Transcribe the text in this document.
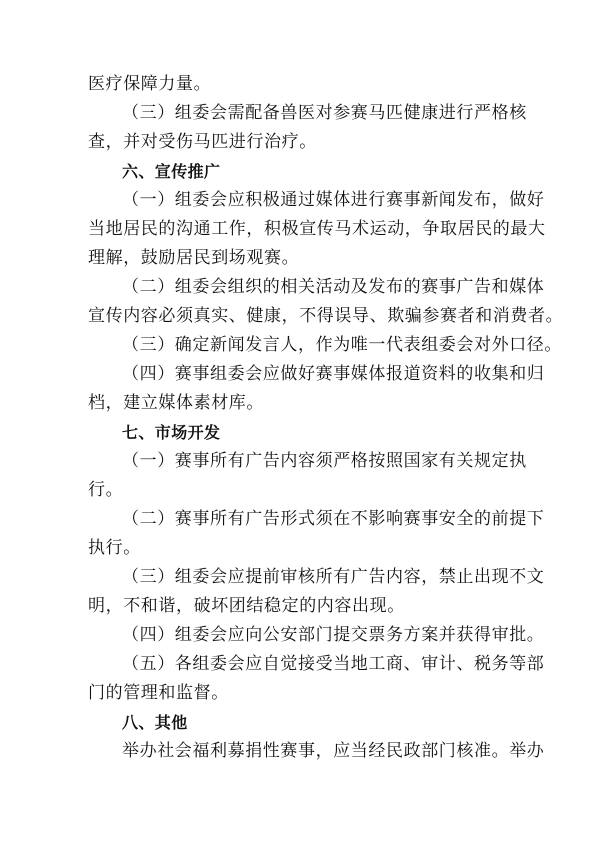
医疗保障力量。
（三）组委会需配备兽医对参赛马匹健康进行严格核
查，并对受伤马匹进行治疗。
六、宣传推广
（一）组委会应积极通过媒体进行赛事新闻发布，做好
当地居民的沟通工作，积极宣传马术运动，争取居民的最大
理解，鼓励居民到场观赛。
（二）组委会组织的相关活动及发布的赛事广告和媒体
宣传内容必须真实、健康，不得误导、欺骗参赛者和消费者。
（三）确定新闻发言人，作为唯一代表组委会对外口径。
（四）赛事组委会应做好赛事媒体报道资料的收集和归
档，建立媒体素材库。
七、市场开发
（一）赛事所有广告内容须严格按照国家有关规定执
行。
（二）赛事所有广告形式须在不影响赛事安全的前提下
执行。
（三）组委会应提前审核所有广告内容，禁止出现不文
明，不和谐，破坏团结稳定的内容出现。
（四）组委会应向公安部门提交票务方案并获得审批。
（五）各组委会应自觉接受当地工商、审计、税务等部
门的管理和监督。
八、其他
举办社会福利募捐性赛事，应当经民政部门核准。举办
